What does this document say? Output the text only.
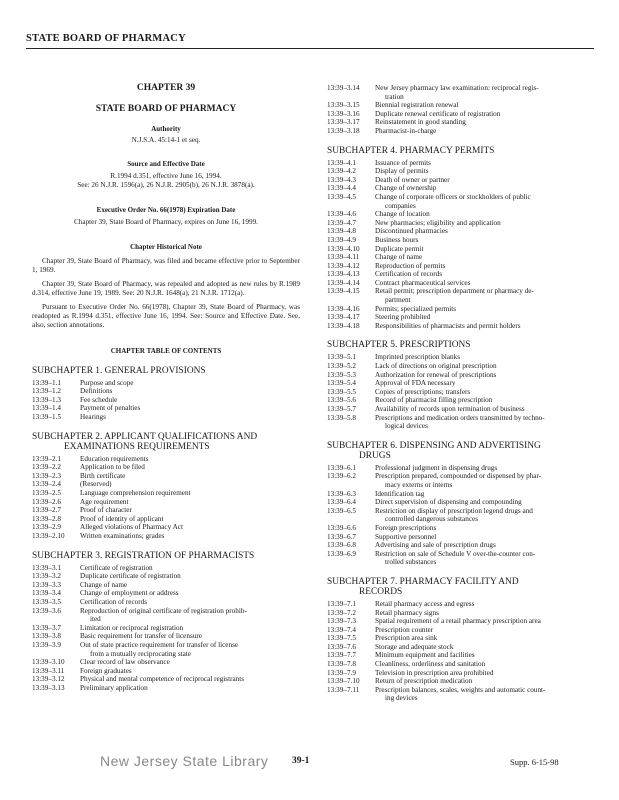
STATE BOARD OF PHARMACY
CHAPTER 39
STATE BOARD OF PHARMACY
Authority
N.J.S.A. 45:14-1 et seq.
Source and Effective Date
R.1994 d.351, effective June 16, 1994.
See: 26 N.J.R. 1596(a), 26 N.J.R. 2905(b), 26 N.J.R. 3878(a).
Executive Order No. 66(1978) Expiration Date
Chapter 39, State Board of Pharmacy, expires on June 16, 1999.
Chapter Historical Note
Chapter 39, State Board of Pharmacy, was filed and became effective prior to September 1, 1969.
Chapter 39, State Board of Pharmacy, was repealed and adopted as new rules by R.1989 d.314, effective June 19, 1989. See: 20 N.J.R. 1648(a), 21 N.J.R. 1712(a).
Pursuant to Executive Order No. 66(1978), Chapter 39, State Board of Pharmacy, was readopted as R.1994 d.351, effective June 16, 1994. See: Source and Effective Date. See, also, section annotations.
CHAPTER TABLE OF CONTENTS
SUBCHAPTER 1. GENERAL PROVISIONS
13:39–1.1	Purpose and scope
13:39–1.2	Definitions
13:39–1.3	Fee schedule
13:39–1.4	Payment of penalties
13:39–1.5	Hearings
SUBCHAPTER 2. APPLICANT QUALIFICATIONS AND
EXAMINATIONS REQUIREMENTS
13:39–2.1	Education requirements
13:39–2.2	Application to be filed
13:39–2.3	Birth certificate
13:39–2.4	(Reserved)
13:39–2.5	Language comprehension requirement
13:39–2.6	Age requirement
13:39–2.7	Proof of character
13:39–2.8	Proof of identity of applicant
13:39–2.9	Alleged violations of Pharmacy Act
13:39–2.10	Written examinations; grades
SUBCHAPTER 3. REGISTRATION OF PHARMACISTS
13:39–3.1	Certificate of registration
13:39–3.2	Duplicate certificate of registration
13:39–3.3	Change of name
13:39–3.4	Change of employment or address
13:39–3.5	Certification of records
13:39–3.6	Reproduction of original certificate of registration prohib-
ited
13:39–3.7	Limitation or reciprocal registration
13:39–3.8	Basic requirement for transfer of licensure
13:39–3.9	Out of state practice requirement for transfer of license
from a mutually reciprocating state
13:39–3.10	Clear record of law observance
13:39–3.11	Foreign graduates
13:39–3.12	Physical and mental competence of reciprocal registrants
13:39–3.13	Preliminary application
13:39–3.14	New Jersey pharmacy law examination: reciprocal regis-
tration
13:39–3.15	Biennial registration renewal
13:39–3.16	Duplicate renewal certificate of registration
13:39–3.17	Reinstatement in good standing
13:39–3.18	Pharmacist-in-charge
SUBCHAPTER 4. PHARMACY PERMITS
13:39–4.1	Issuance of permits
13:39–4.2	Display of permits
13:39–4.3	Death of owner or partner
13:39–4.4	Change of ownership
13:39–4.5	Change of corporate officers or stockholders of public
companies
13:39–4.6	Change of location
13:39–4.7	New pharmacies; eligibility and application
13:39–4.8	Discontinued pharmacies
13:39–4.9	Business hours
13:39–4.10	Duplicate permit
13:39–4.11	Change of name
13:39–4.12	Reproduction of permits
13:39–4.13	Certification of records
13:39–4.14	Contract pharmaceutical services
13:39–4.15	Retail permit; prescription department or pharmacy de-
partment
13:39–4.16	Permits; specialized permits
13:39–4.17	Steering prohibited
13:39–4.18	Responsibilities of pharmacists and permit holders
SUBCHAPTER 5. PRESCRIPTIONS
13:39–5.1	Imprinted prescription blanks
13:39–5.2	Lack of directions on original prescription
13:39–5.3	Authorization for renewal of prescriptions
13:39–5.4	Approval of FDA necessary
13:39–5.5	Copies of prescriptions; transfers
13:39–5.6	Record of pharmacist filling prescription
13:39–5.7	Availability of records upon termination of business
13:39–5.8	Prescriptions and medication orders transmitted by techno-
logical devices
SUBCHAPTER 6. DISPENSING AND ADVERTISING
DRUGS
13:39–6.1	Professional judgment in dispensing drugs
13:39–6.2	Prescription prepared, compounded or dispensed by phar-
macy externs or interns
13:39–6.3	Identification tag
13:39–6.4	Direct supervision of dispensing and compounding
13:39–6.5	Restriction on display of prescription legend drugs and
controlled dangerous substances
13:39–6.6	Foreign prescriptions
13:39–6.7	Supportive personnel
13:39–6.8	Advertising and sale of prescription drugs
13:39–6.9	Restriction on sale of Schedule V over-the-counter con-
trolled substances
SUBCHAPTER 7. PHARMACY FACILITY AND
RECORDS
13:39–7.1	Retail pharmacy access and egress
13:39–7.2	Retail pharmacy signs
13:39–7.3	Spatial requirement of a retail pharmacy prescription area
13:39–7.4	Prescription counter
13:39–7.5	Prescription area sink
13:39–7.6	Storage and adequate stock
13:39–7.7	Minimum equipment and facilities
13:39–7.8	Cleanliness, orderliness and sanitation
13:39–7.9	Television in prescription area prohibited
13:39–7.10	Return of prescription medication
13:39–7.11	Prescription balances, scales, weights and automatic count-
ing devices
New Jersey State Library 39-1	Supp. 6-15-98
